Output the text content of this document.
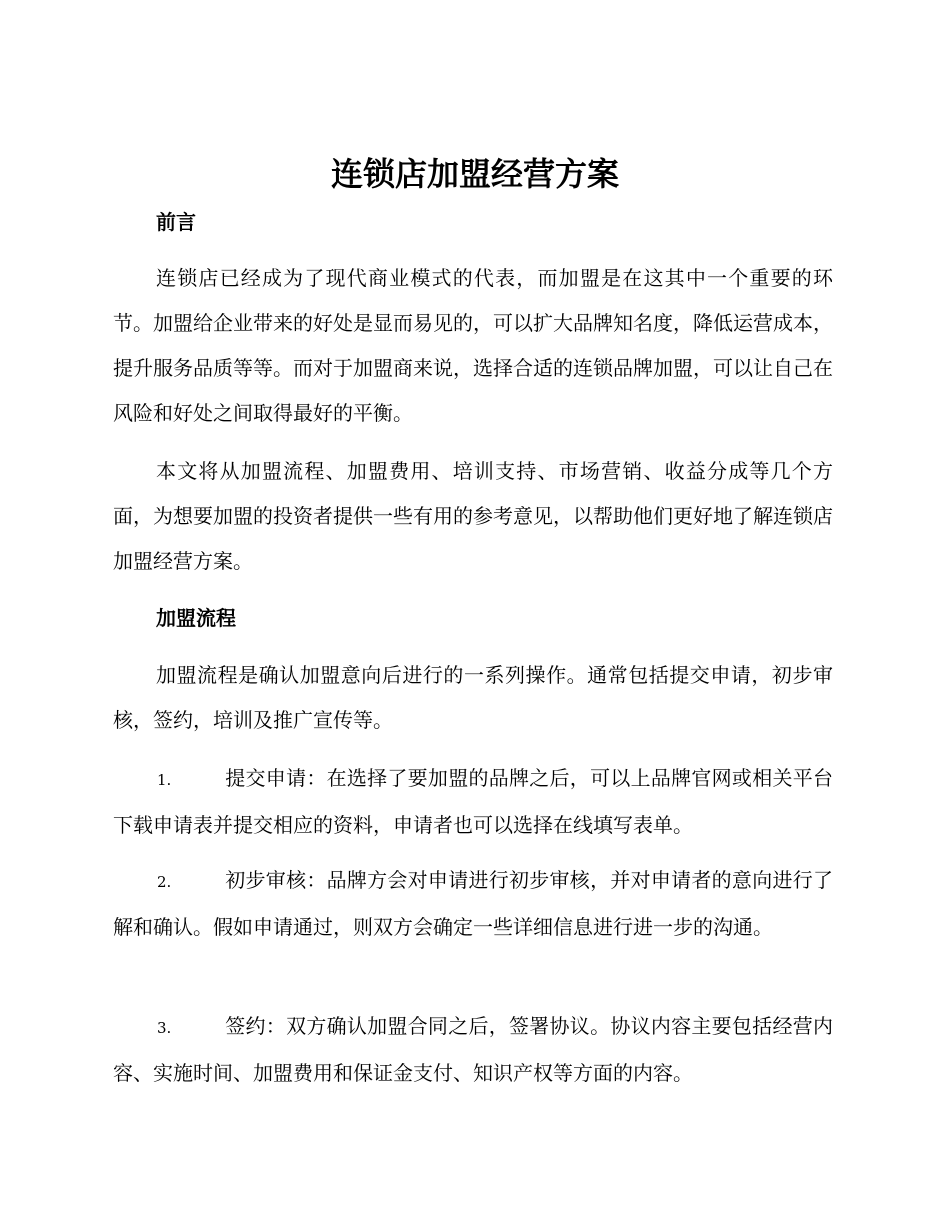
连锁店加盟经营方案
前言

连锁店已经成为了现代商业模式的代表，而加盟是在这其中一个重要的环节。加盟给企业带来的好处是显而易见的，可以扩大品牌知名度，降低运营成本，提升服务品质等等。而对于加盟商来说，选择合适的连锁品牌加盟，可以让自己在风险和好处之间取得最好的平衡。

本文将从加盟流程、加盟费用、培训支持、市场营销、收益分成等几个方面，为想要加盟的投资者提供一些有用的参考意见，以帮助他们更好地了解连锁店加盟经营方案。

加盟流程

加盟流程是确认加盟意向后进行的一系列操作。通常包括提交申请，初步审核，签约，培训及推广宣传等。

1.	提交申请：在选择了要加盟的品牌之后，可以上品牌官网或相关平台下载申请表并提交相应的资料，申请者也可以选择在线填写表单。

2.	初步审核：品牌方会对申请进行初步审核，并对申请者的意向进行了解和确认。假如申请通过，则双方会确定一些详细信息进行进一步的沟通。

3.	签约：双方确认加盟合同之后，签署协议。协议内容主要包括经营内容、实施时间、加盟费用和保证金支付、知识产权等方面的内容。
